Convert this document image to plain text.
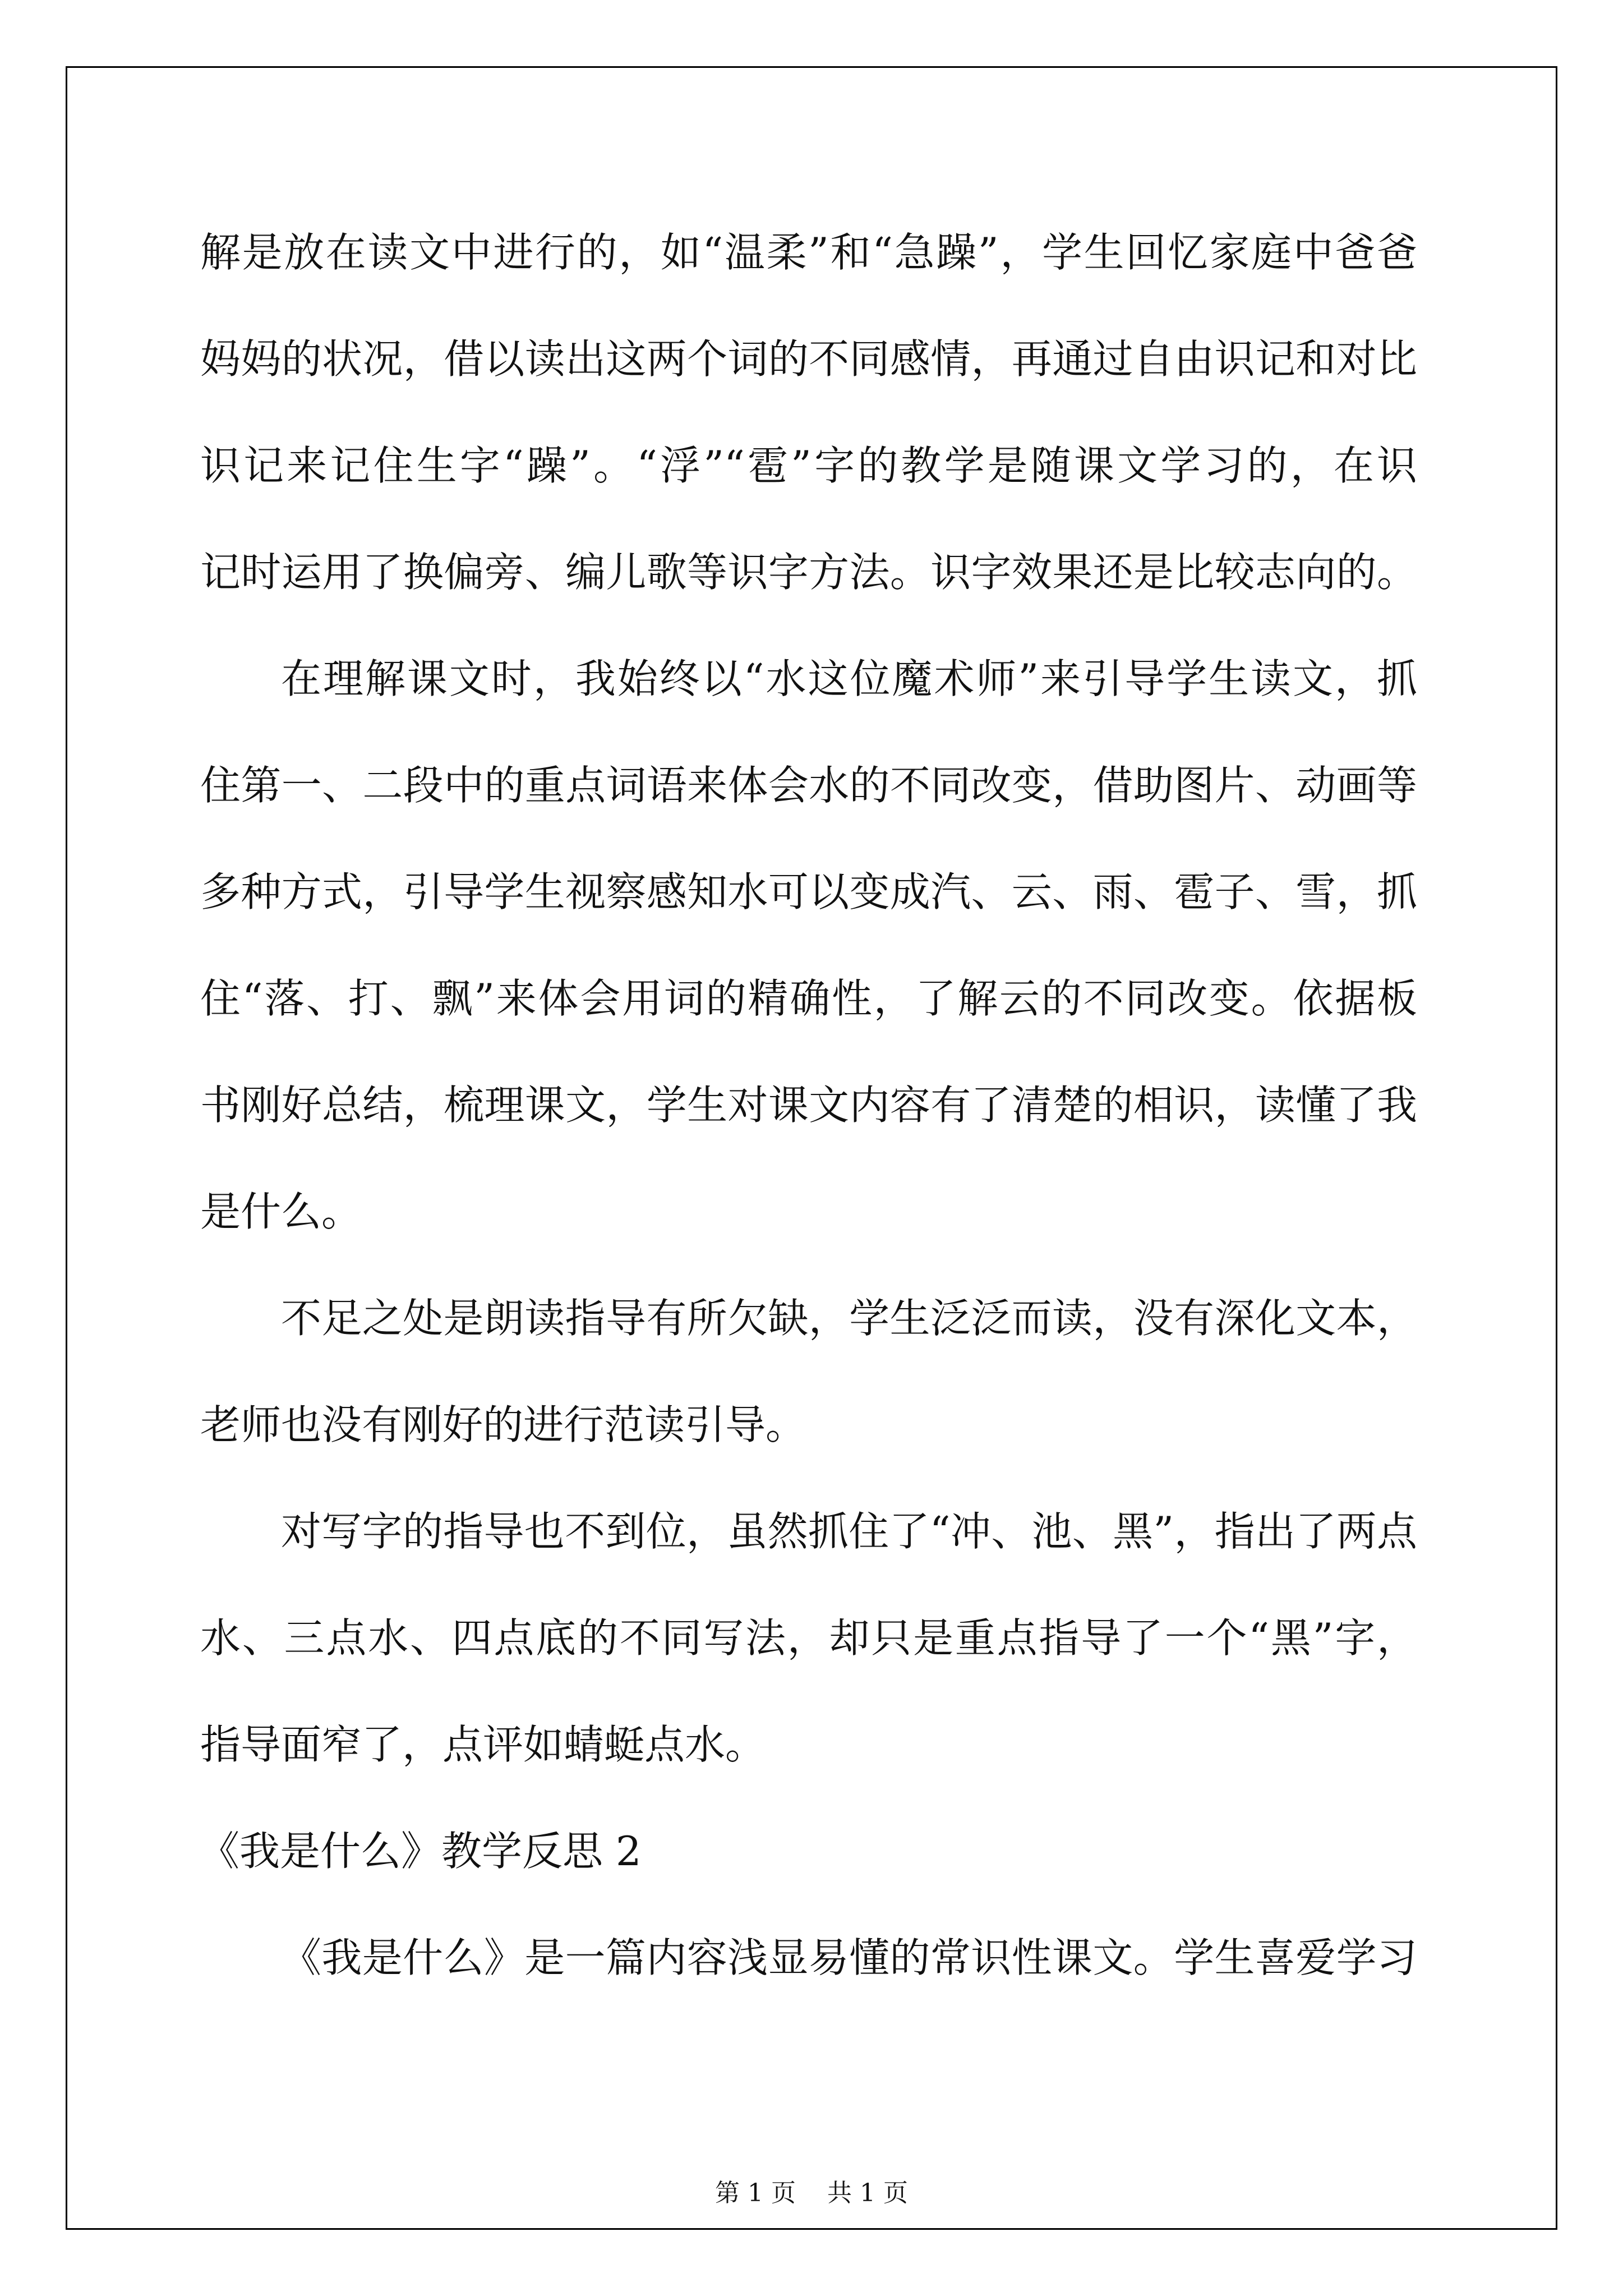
解是放在读文中进行的，如“温柔”和“急躁”，学生回忆家庭中爸爸
妈妈的状况，借以读出这两个词的不同感情，再通过自由识记和对比
识记来记住生字“躁”。“浮”“雹”字的教学是随课文学习的，在识
记时运用了换偏旁、编儿歌等识字方法。识字效果还是比较志向的。
在理解课文时，我始终以“水这位魔术师”来引导学生读文，抓
住第一、二段中的重点词语来体会水的不同改变，借助图片、动画等
多种方式，引导学生视察感知水可以变成汽、云、雨、雹子、雪，抓
住“落、打、飘”来体会用词的精确性，了解云的不同改变。依据板
书刚好总结，梳理课文，学生对课文内容有了清楚的相识，读懂了我
是什么。
不足之处是朗读指导有所欠缺，学生泛泛而读，没有深化文本，
老师也没有刚好的进行范读引导。
对写字的指导也不到位，虽然抓住了“冲、池、黑”，指出了两点
水、三点水、四点底的不同写法，却只是重点指导了一个“黑”字，
指导面窄了，点评如蜻蜓点水。
《我是什么》教学反思 2
《我是什么》是一篇内容浅显易懂的常识性课文。学生喜爱学习
第 1 页 共 1 页
